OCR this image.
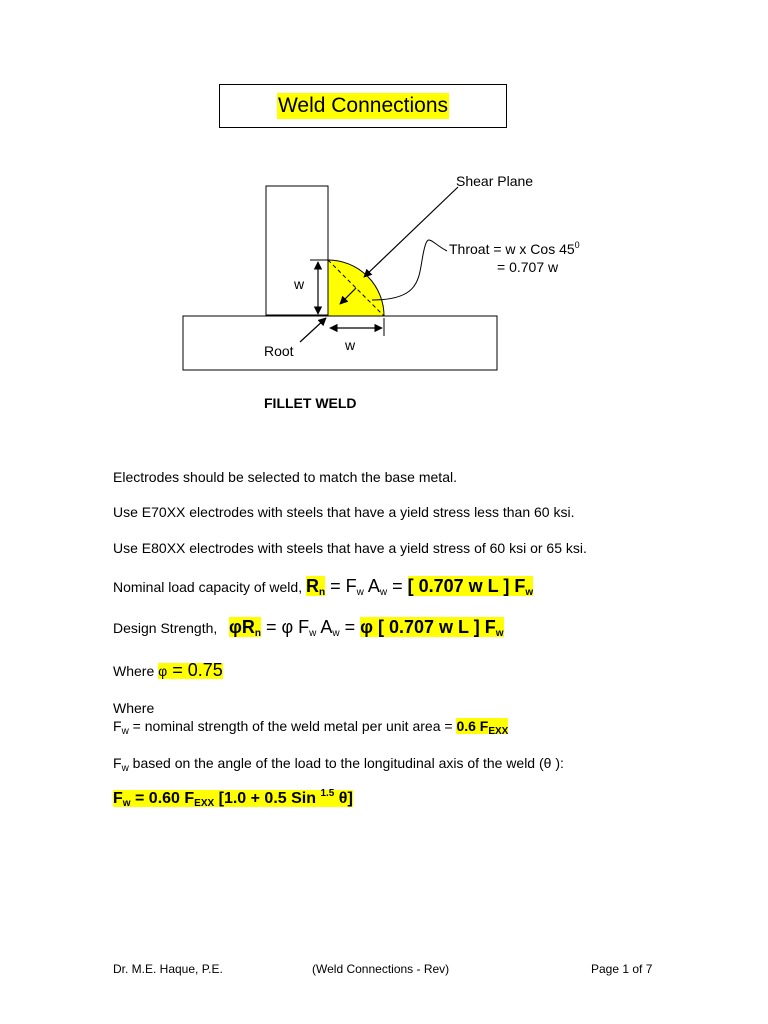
Weld Connections
Shear Plane
Throat = w x Cos $45^0$
= 0.707 w
w
w
Root
FILLET WELD
Electrodes should be selected to match the base metal.
Use E70XX electrodes with steels that have a yield stress less than 60 ksi.
Use E80XX electrodes with steels that have a yield stress of 60 ksi or 65 ksi.
Nominal load capacity of weld, $R_n = F_w$ $A_w$ = [ 0.707 w L ] $F_w$
Design Strength, $\varphi R_n = \varphi$ $F_w$ $A_w = \varphi$ [ 0.707 w L ] $F_w$
Where φ = 0.75
Where
$F_w$ = nominal strength of the weld metal per unit area = 0.6 $F_{EXX}$
$F_w$ based on the angle of the load to the longitudinal axis of the weld (θ ):
$F_w = 0.60$ $F_{EXX}$ [1.0 + 0.5 Sin $^{1.5}$ θ]
Dr. M.E. Haque, P.E.	(Weld Connections - Rev)	Page 1 of 7
